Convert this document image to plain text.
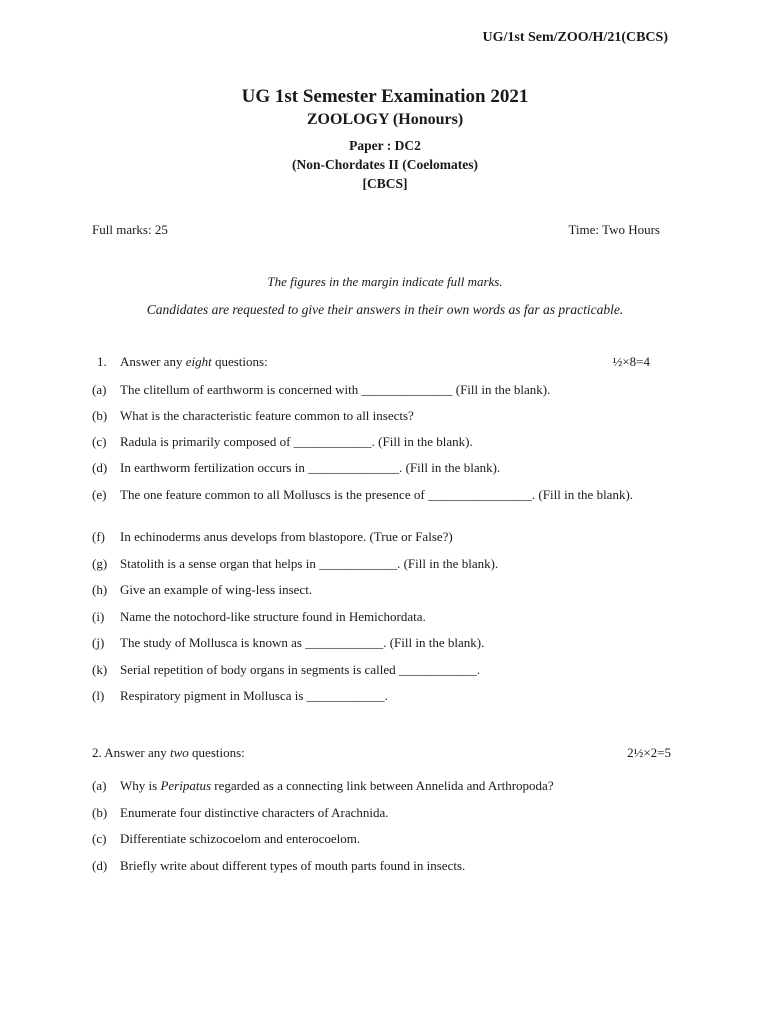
UG/1st Sem/ZOO/H/21(CBCS)
UG 1st Semester Examination 2021
ZOOLOGY (Honours)
Paper : DC2
(Non-Chordates II (Coelomates)
[CBCS]
Full marks: 25	Time: Two Hours
The figures in the margin indicate full marks.
Candidates are requested to give their answers in their own words as far as practicable.
1. Answer any eight questions:	½×8=4
(a) The clitellum of earthworm is concerned with ______________ (Fill in the blank).
(b) What is the characteristic feature common to all insects?
(c) Radula is primarily composed of ____________. (Fill in the blank).
(d) In earthworm fertilization occurs in ______________. (Fill in the blank).
(e) The one feature common to all Molluscs is the presence of ________________. (Fill in the blank).
(f) In echinoderms anus develops from blastopore. (True or False?)
(g) Statolith is a sense organ that helps in ____________. (Fill in the blank).
(h) Give an example of wing-less insect.
(i) Name the notochord-like structure found in Hemichordata.
(j) The study of Mollusca is known as ____________. (Fill in the blank).
(k) Serial repetition of body organs in segments is called ____________.
(l) Respiratory pigment in Mollusca is ____________.
2. Answer any two questions:	2½×2=5
(a) Why is Peripatus regarded as a connecting link between Annelida and Arthropoda?
(b) Enumerate four distinctive characters of Arachnida.
(c) Differentiate schizocoelom and enterocoelom.
(d) Briefly write about different types of mouth parts found in insects.
